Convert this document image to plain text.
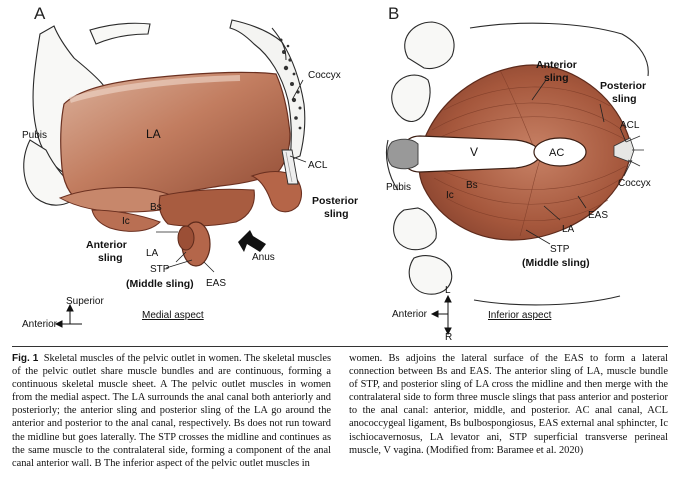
A
Pubis	LA
Coccyx
ACL
Posterior
sling
Bs
Ic
Anterior
sling LA
STP
(Middle sling) EAS
Anus
Superior
Anterior
Medial aspect
B
Anterior
sling
Posterior
sling
V	AC
ACL
Coccyx
Pubis	Bs
Ic
EAS
LA
STP
(Middle sling)
L
R
Anterior	Inferior aspect

Fig. 1 Skeletal muscles of the pelvic outlet in women. The skeletal muscles of the pelvic outlet share muscle bundles and are continuous, forming a continuous skeletal muscle sheet. A The pelvic outlet muscles in women from the medial aspect. The LA surrounds the anal canal both anteriorly and posteriorly; the anterior sling and posterior sling of the LA go around the anterior and posterior to the anal canal, respectively. Bs does not run toward the midline but goes laterally. The STP crosses the midline and continues as the same muscle to the contralateral side, forming a component of the anal canal anterior wall. B The inferior aspect of the pelvic outlet muscles in

women. Bs adjoins the lateral surface of the EAS to form a lateral connection between Bs and EAS. The anterior sling of LA, muscle bundle of STP, and posterior sling of LA cross the midline and then merge with the contralateral side to form three muscle slings that pass anterior and posterior to the anal canal: anterior, middle, and posterior. AC anal canal, ACL anococcygeal ligament, Bs bulbospongiosus, EAS external anal sphincter, Ic ischiocavernosus, LA levator ani, STP superficial transverse perineal muscle, V vagina. (Modified from: Baramee et al. 2020)
